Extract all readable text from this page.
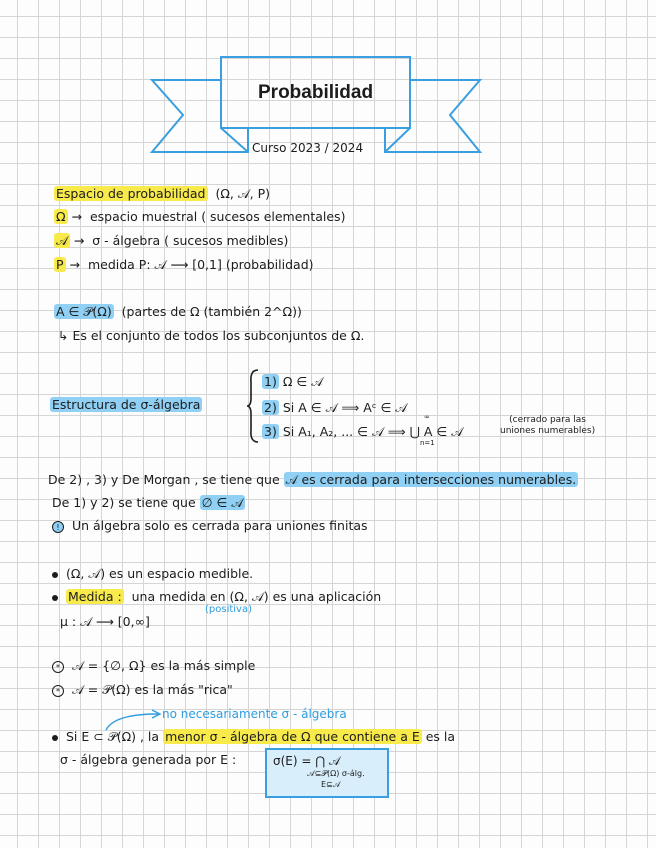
Probabilidad
Curso 2023 / 2024
Espacio de probabilidad (Ω, 𝒜, P)
Ω → espacio muestral ( sucesos elementales)
𝒜 → σ - álgebra ( sucesos medibles)
P → medida P: 𝒜 ⟶ [0,1] (probabilidad)
A ∈ 𝒫(Ω) (partes de Ω (también 2^Ω))
↳ Es el conjunto de todos los subconjuntos de Ω.
Estructura de σ-álgebra
1) Ω ∈ 𝒜
2) Si A ∈ 𝒜 ⟹ Aᶜ ∈ 𝒜
3) Si A₁, A₂, ... ∈ 𝒜 ⟹ ⋃ A ∈ 𝒜
∞
n=1
(cerrado para las
uniones numerables)
De 2) , 3) y De Morgan , se tiene que 𝒜 es cerrada para intersecciones numerables.
De 1) y 2) se tiene que ∅ ∈ 𝒜
! Un álgebra solo es cerrada para uniones finitas
(Ω, 𝒜) es un espacio medible.
Medida : una medida en (Ω, 𝒜) es una aplicación
(positiva)
μ : 𝒜 ⟶ [0,∞]
* 𝒜 = {∅, Ω} es la más simple
* 𝒜 = 𝒫(Ω) es la más "rica"
no necesariamente σ - álgebra
Si E ⊂ 𝒫(Ω) , la menor σ - álgebra de Ω que contiene a E es la
σ - álgebra generada por E :	σ(E) = ⋂ 𝒜
𝒜⊆𝒫(Ω) σ-álg.
E⊆𝒜
